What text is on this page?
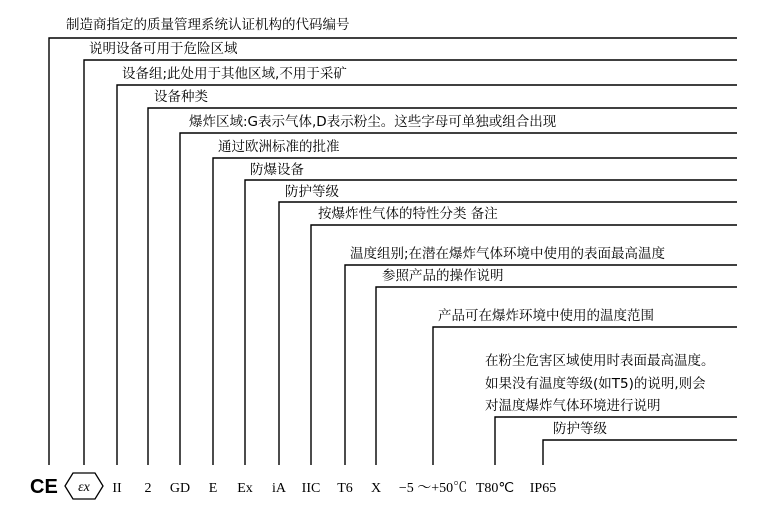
制造商指定的质量管理系统认证机构的代码编号
说明设备可用于危险区域
设备组;此处用于其他区域,不用于采矿
设备种类
爆炸区域:G表示气体,D表示粉尘。这些字母可单独或组合出现
通过欧洲标准的批准
防爆设备
防护等级
按爆炸性气体的特性分类 备注
温度组别;在潜在爆炸气体环境中使用的表面最高温度
参照产品的操作说明
产品可在爆炸环境中使用的温度范围
在粉尘危害区域使用时表面最高温度。
如果没有温度等级(如T5)的说明,则会
对温度爆炸气体环境进行说明
防护等级
CE εx II 2 GD E Ex iA IIC T6 X −5 ～+50℃ T80℃ IP65
